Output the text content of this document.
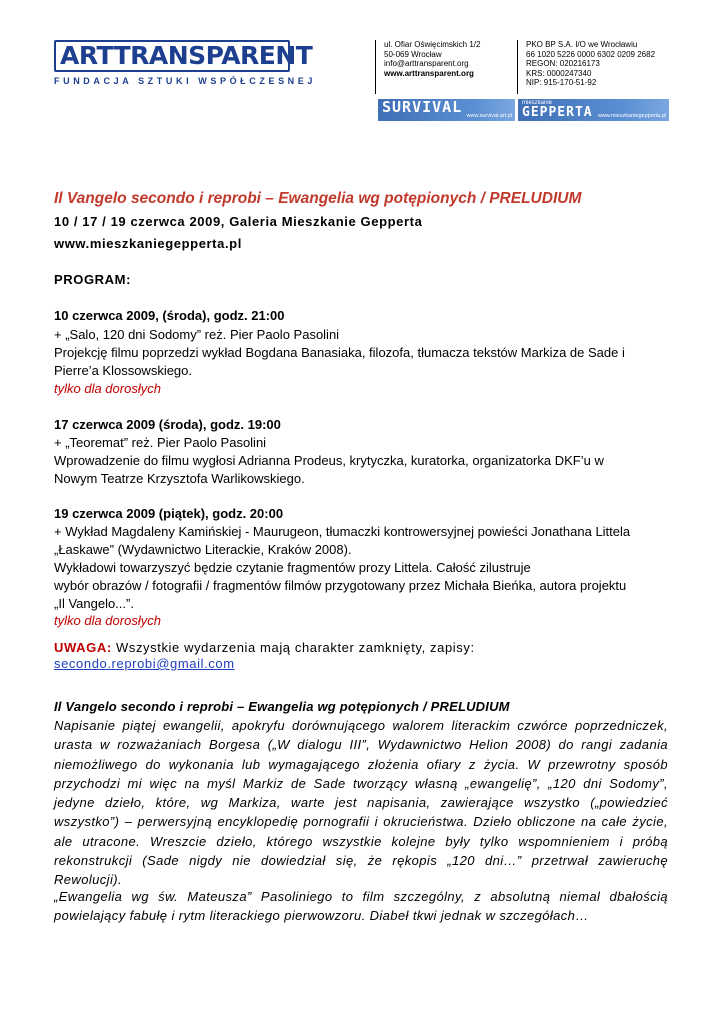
ARTTRANSPARENT
FUNDACJA SZTUKI WSPÓŁCZESNEJ
ul. Ofiar Oświęcimskich 1/2
50-069 Wrocław
info@arttransparent.org
www.arttransparent.org
PKO BP S.A. I/O we Wrocławiu
66 1020 5226 0000 6302 0209 2682
REGON: 020216173
KRS: 0000247340
NIP: 915-170-51-92
SURVIVAL www.survival.art.pl
mieszkanie
GEPPERTA www.mieszkaniegepperta.pl
Il Vangelo secondo i reprobi – Ewangelia wg potępionych / PRELUDIUM
10 / 17 / 19 czerwca 2009, Galeria Mieszkanie Gepperta
www.mieszkaniegepperta.pl
PROGRAM:
10 czerwca 2009, (środa), godz. 21:00
+ „Salo, 120 dni Sodomy” reż. Pier Paolo Pasolini
Projekcję filmu poprzedzi wykład Bogdana Banasiaka, filozofa, tłumacza tekstów Markiza de Sade i
Pierre’a Klossowskiego.
tylko dla dorosłych
17 czerwca 2009 (środa), godz. 19:00
+ „Teoremat” reż. Pier Paolo Pasolini
Wprowadzenie do filmu wygłosi Adrianna Prodeus, krytyczka, kuratorka, organizatorka DKF’u w
Nowym Teatrze Krzysztofa Warlikowskiego.
19 czerwca 2009 (piątek), godz. 20:00
+ Wykład Magdaleny Kamińskiej - Maurugeon, tłumaczki kontrowersyjnej powieści Jonathana Littela
„Łaskawe” (Wydawnictwo Literackie, Kraków 2008).
Wykładowi towarzyszyć będzie czytanie fragmentów prozy Littela. Całość zilustruje
wybór obrazów / fotografii / fragmentów filmów przygotowany przez Michała Bieńka, autora projektu
„Il Vangelo...”.
tylko dla dorosłych
UWAGA: Wszystkie wydarzenia mają charakter zamknięty, zapisy:
secondo.reprobi@gmail.com
Il Vangelo secondo i reprobi – Ewangelia wg potępionych / PRELUDIUM
Napisanie piątej ewangelii, apokryfu dorównującego walorem literackim czwórce poprzedniczek, urasta w rozważaniach Borgesa („W dialogu III”, Wydawnictwo Helion 2008) do rangi zadania niemożliwego do wykonania lub wymagającego złożenia ofiary z życia. W przewrotny sposób przychodzi mi więc na myśl Markiz de Sade tworzący własną „ewangelię”, „120 dni Sodomy”, jedyne dzieło, które, wg Markiza, warte jest napisania, zawierające wszystko („powiedzieć wszystko”) – perwersyjną encyklopedię pornografii i okrucieństwa. Dzieło obliczone na całe życie, ale utracone. Wreszcie dzieło, którego wszystkie kolejne były tylko wspomnieniem i próbą rekonstrukcji (Sade nigdy nie dowiedział się, że rękopis „120 dni…” przetrwał zawieruchę Rewolucji).
„Ewangelia wg św. Mateusza” Pasoliniego to film szczególny, z absolutną niemal dbałością powielający fabułę i rytm literackiego pierwowzoru. Diabeł tkwi jednak w szczegółach…
